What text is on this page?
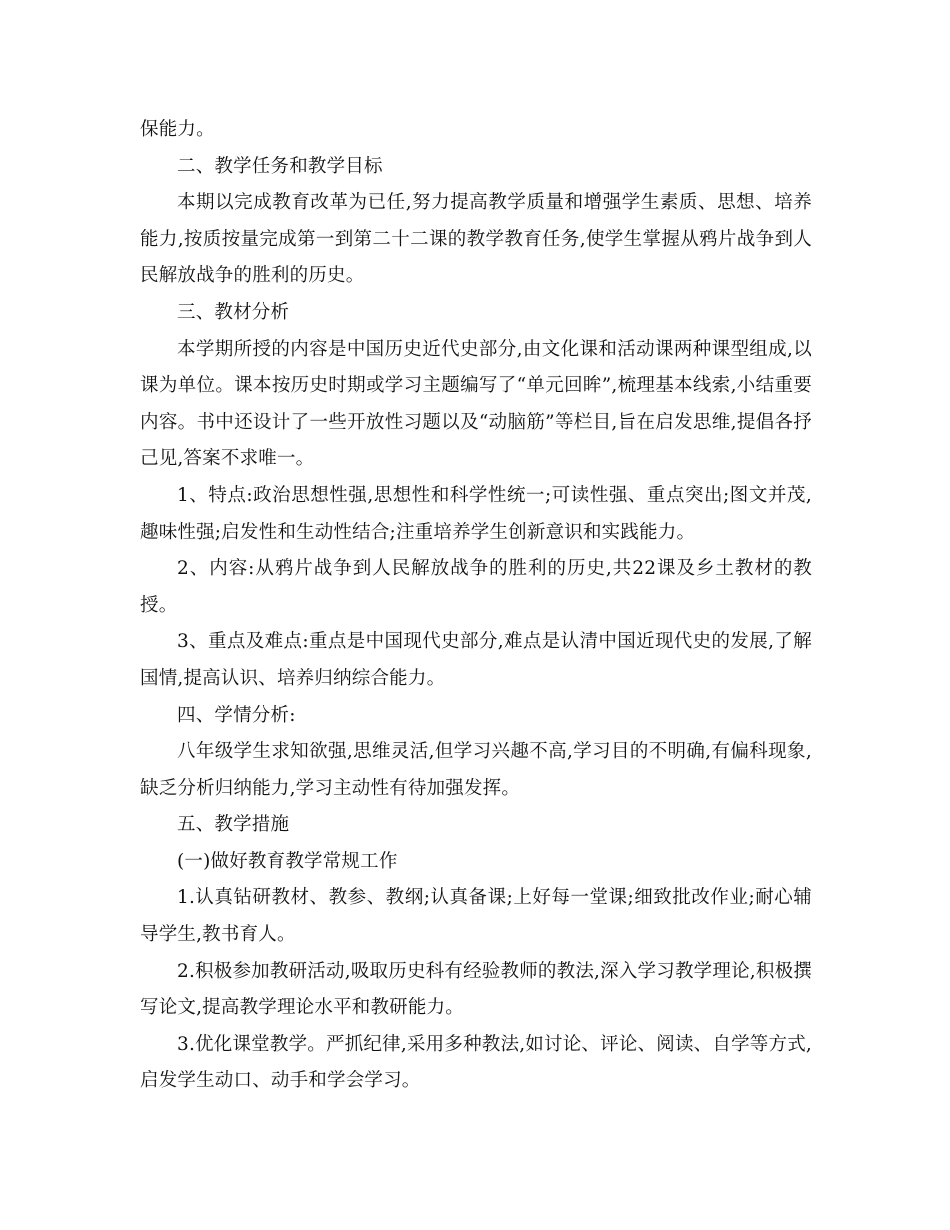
保能力。

二、教学任务和教学目标

本期以完成教育改革为已任,努力提高教学质量和增强学生素质、思想、培养能力,按质按量完成第一到第二十二课的教学教育任务,使学生掌握从鸦片战争到人民解放战争的胜利的历史。

三、教材分析

本学期所授的内容是中国历史近代史部分,由文化课和活动课两种课型组成,以课为单位。课本按历史时期或学习主题编写了“单元回眸”,梳理基本线索,小结重要内容。书中还设计了一些开放性习题以及“动脑筋”等栏目,旨在启发思维,提倡各抒己见,答案不求唯一。

1、特点:政治思想性强,思想性和科学性统一;可读性强、重点突出;图文并茂,趣味性强;启发性和生动性结合;注重培养学生创新意识和实践能力。

2、内容:从鸦片战争到人民解放战争的胜利的历史,共22课及乡土教材的教授。

3、重点及难点:重点是中国现代史部分,难点是认清中国近现代史的发展,了解国情,提高认识、培养归纳综合能力。

四、学情分析:

八年级学生求知欲强,思维灵活,但学习兴趣不高,学习目的不明确,有偏科现象,缺乏分析归纳能力,学习主动性有待加强发挥。

五、教学措施

(一)做好教育教学常规工作

1.认真钻研教材、教参、教纲;认真备课;上好每一堂课;细致批改作业;耐心辅导学生,教书育人。

2.积极参加教研活动,吸取历史科有经验教师的教法,深入学习教学理论,积极撰写论文,提高教学理论水平和教研能力。

3.优化课堂教学。严抓纪律,采用多种教法,如讨论、评论、阅读、自学等方式,启发学生动口、动手和学会学习。
